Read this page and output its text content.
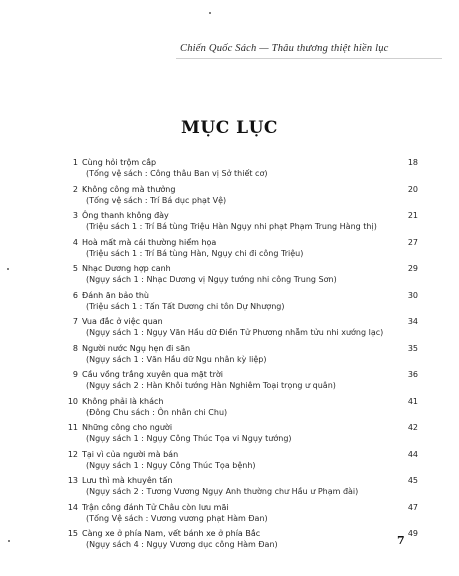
Chiến Quốc Sách — Thâu thương thiệt hiền lục
MỤC LỤC
1 Cùng hỏi trộm cắp	18
(Tống vệ sách : Công thâu Ban vị Sở thiết cơ)
2 Không công mà thưởng	20
(Tống vệ sách : Trí Bá dục phạt Vệ)
3 Ông thanh không đày	21
(Triệu sách 1 : Trí Bá tùng Triệu Hàn Ngụy nhi phạt Phạm Trung Hàng thị)
4 Hoà mất mà cái thường hiểm họa	27
(Triệu sách 1 : Trí Bá tùng Hàn, Ngụy chi đi công Triệu)
5 Nhạc Dương hợp canh	29
(Ngụy sách 1 : Nhạc Dương vị Ngụy tướng nhi công Trung Sơn)
6 Đánh ăn bảo thù	30
(Triệu sách 1 : Tấn Tất Dương chi tôn Dự Nhượng)
7 Vua đắc ở việc quan	34
(Ngụy sách 1 : Ngụy Văn Hầu dữ Điền Tử Phương nhẫm tửu nhi xướng lạc)
8 Người nước Ngụ hẹn đi săn	35
(Ngụy sách 1 : Văn Hầu dữ Ngu nhân kỳ liệp)
9 Cầu vồng trắng xuyên qua mặt trời	36
(Ngụy sách 2 : Hàn Khôi tướng Hàn Nghiêm Toại trọng ư quân)
10 Không phải là khách	41
(Đông Chu sách : Ôn nhân chi Chu)
11 Những công cho người	42
(Ngụy sách 1 : Ngụy Công Thúc Tọa vi Ngụy tướng)
12 Tại vì của người mà bán	44
(Ngụy sách 1 : Ngụy Công Thúc Tọa bệnh)
13 Lưu thì mà khuyên tấn	45
(Ngụy sách 2 : Tương Vương Ngụy Anh thường chư Hầu ư Phạm đài)
14 Trận công đánh Tử Châu còn lưu mãi	47
(Tống Vệ sách : Vương vương phạt Hàm Đan)
15 Càng xe ở phía Nam, vết bánh xe ở phía Bắc	49
(Ngụy sách 4 : Ngụy Vương dục công Hàm Đan)	7
